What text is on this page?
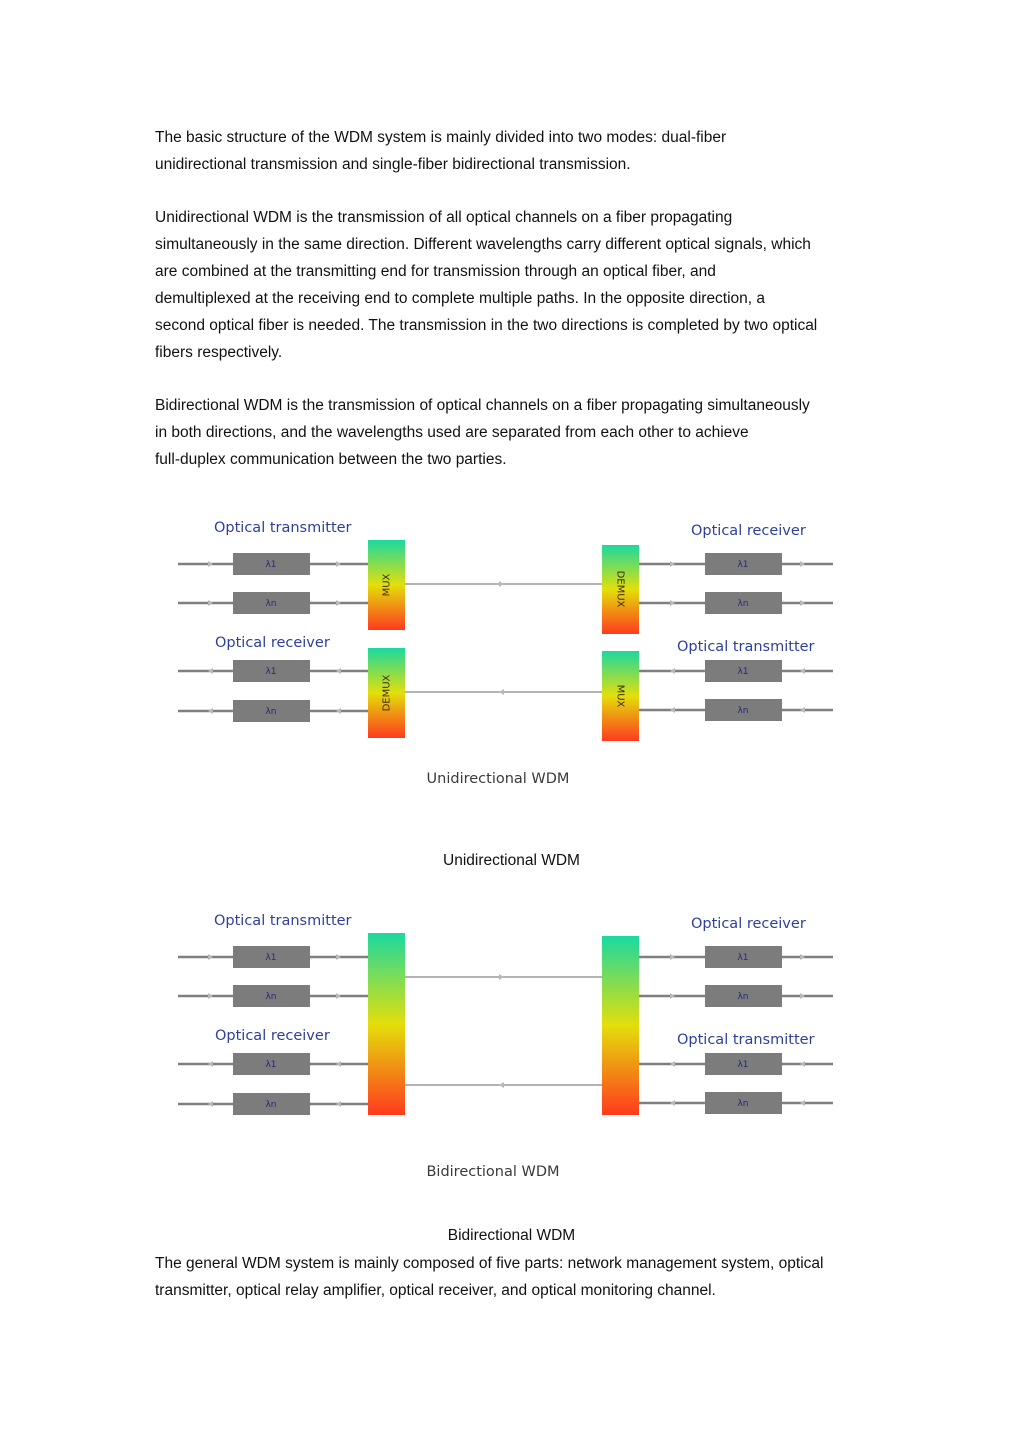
The basic structure of the WDM system is mainly divided into two modes: dual-fiber
unidirectional transmission and single-fiber bidirectional transmission.
Unidirectional WDM is the transmission of all optical channels on a fiber propagating
simultaneously in the same direction. Different wavelengths carry different optical signals, which
are combined at the transmitting end for transmission through an optical fiber, and
demultiplexed at the receiving end to complete multiple paths. In the opposite direction, a
second optical fiber is needed. The transmission in the two directions is completed by two optical
fibers respectively.
Bidirectional WDM is the transmission of optical channels on a fiber propagating simultaneously
in both directions, and the wavelengths used are separated from each other to achieve
full-duplex communication between the two parties.
Optical transmitter	Optical receiver
Optical receiver	Optical transmitter
λ1
λn
λ1
λn
λ1
λn
λ1
λn
MUX	DEMUX
DEMUX	MUX
Unidirectional WDM
Unidirectional WDM
Optical transmitter	Optical receiver
Optical receiver	Optical transmitter
λ1
λn
λ1
λn
λ1
λn
λ1
λn
Bidirectional WDM
Bidirectional WDM
The general WDM system is mainly composed of five parts: network management system, optical
transmitter, optical relay amplifier, optical receiver, and optical monitoring channel.
